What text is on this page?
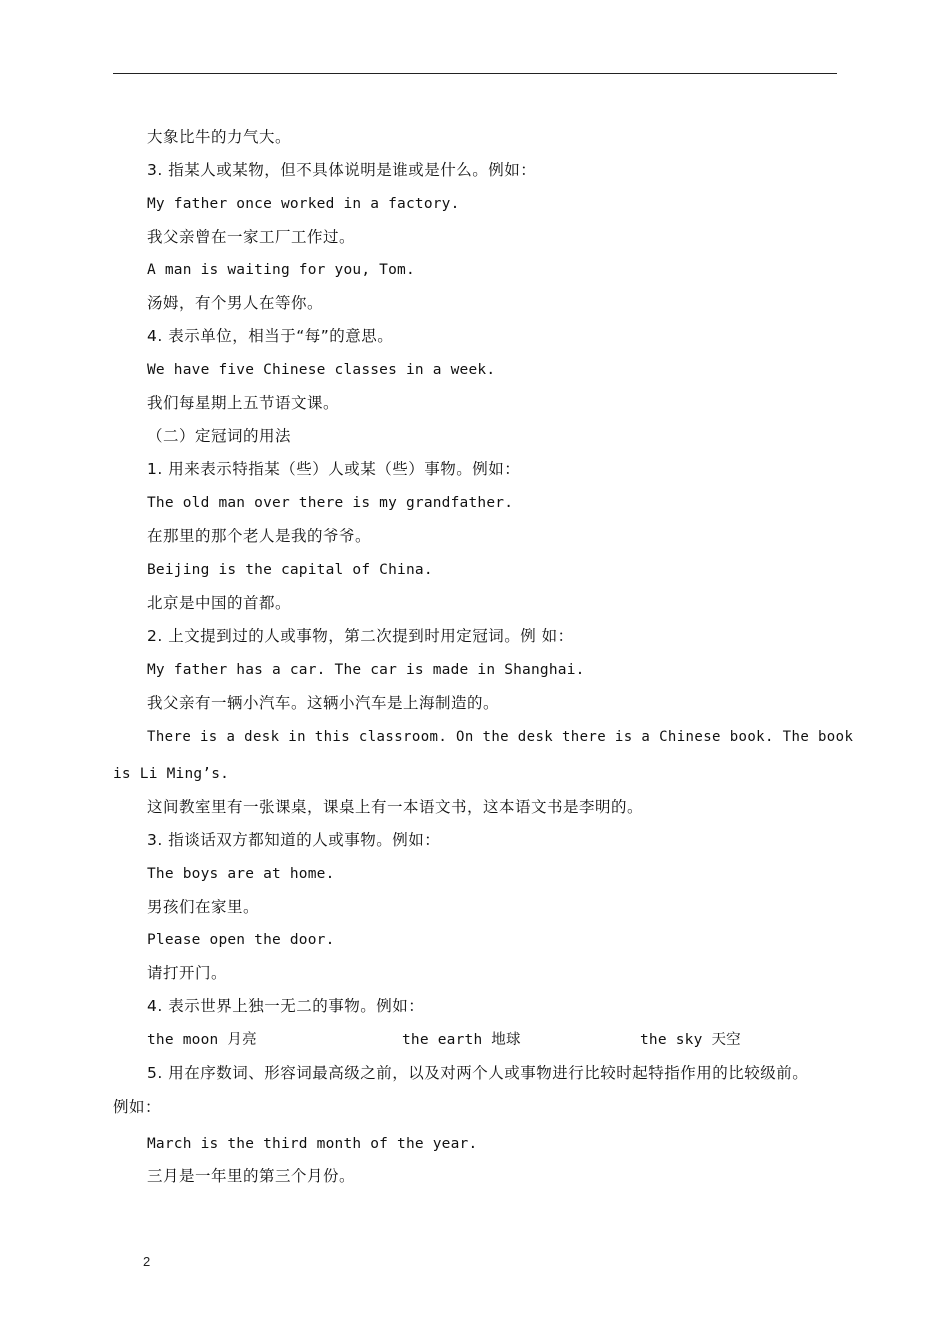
大象比牛的力气大。
3. 指某人或某物，但不具体说明是谁或是什么。例如：
My father once worked in a factory.
我父亲曾在一家工厂工作过。
A man is waiting for you, Tom.
汤姆，有个男人在等你。
4. 表示单位，相当于“每”的意思。
We have five Chinese classes in a week.
我们每星期上五节语文课。
（二）定冠词的用法
1. 用来表示特指某（些）人或某（些）事物。例如：
The old man over there is my grandfather.
在那里的那个老人是我的爷爷。
Beijing is the capital of China.
北京是中国的首都。
2. 上文提到过的人或事物，第二次提到时用定冠词。例 如：
My father has a car. The car is made in Shanghai.
我父亲有一辆小汽车。这辆小汽车是上海制造的。
There is a desk in this classroom. On the desk there is a Chinese book. The book
is Li Ming’s.
这间教室里有一张课桌，课桌上有一本语文书，这本语文书是李明的。
3. 指谈话双方都知道的人或事物。例如：
The boys are at home.
男孩们在家里。
Please open the door.
请打开门。
4. 表示世界上独一无二的事物。例如：
the moon 月亮	the earth 地球	the sky 天空
5. 用在序数词、形容词最高级之前，以及对两个人或事物进行比较时起特指作用的比较级前。
例如：
March is the third month of the year.
三月是一年里的第三个月份。
2
